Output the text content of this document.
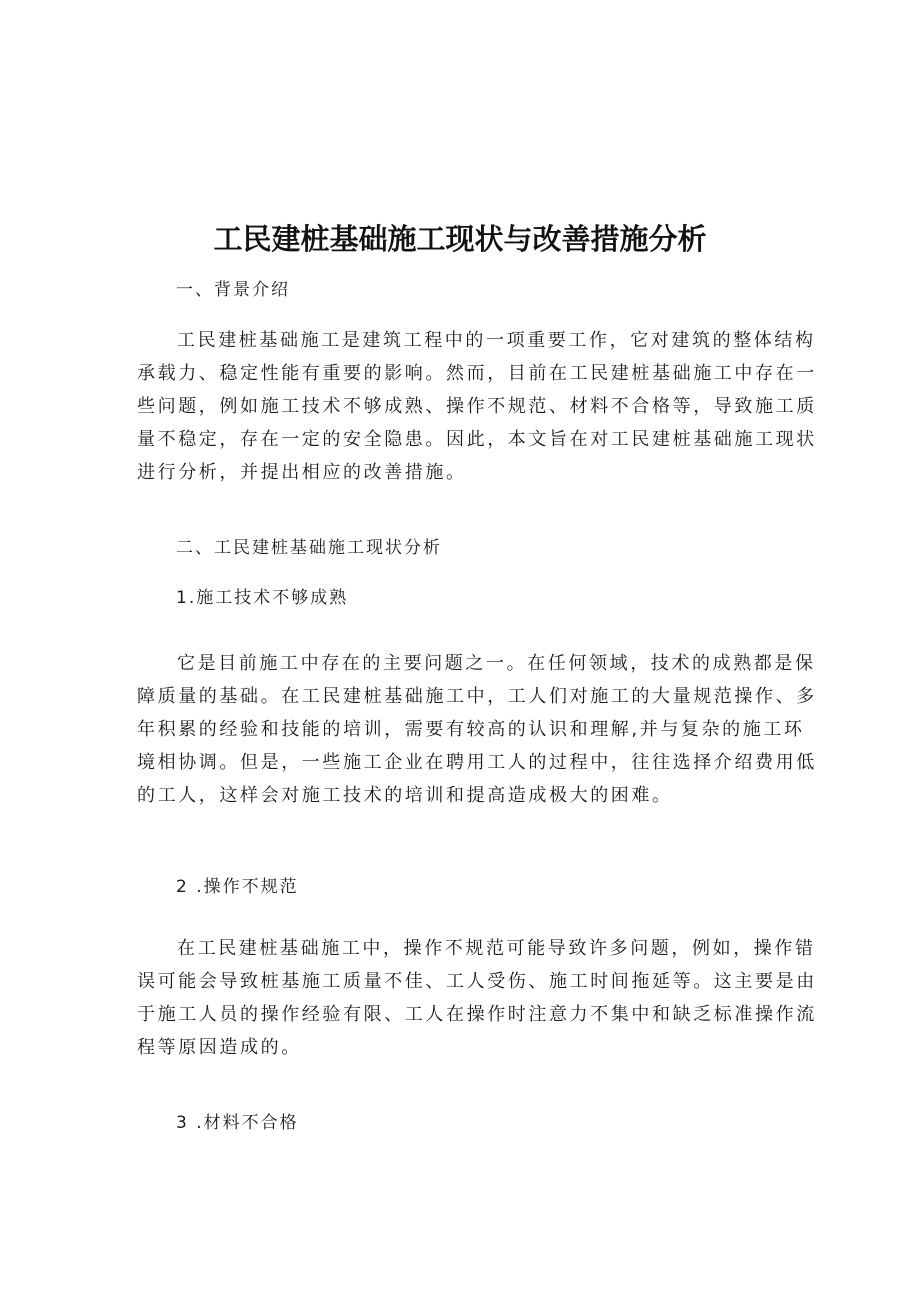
工民建桩基础施工现状与改善措施分析
一、背景介绍
工民建桩基础施工是建筑工程中的一项重要工作，它对建筑的整体结构
承载力、稳定性能有重要的影响。然而，目前在工民建桩基础施工中存在一
些问题，例如施工技术不够成熟、操作不规范、材料不合格等，导致施工质
量不稳定，存在一定的安全隐患。因此，本文旨在对工民建桩基础施工现状
进行分析，并提出相应的改善措施。
二、工民建桩基础施工现状分析
1.施工技术不够成熟
它是目前施工中存在的主要问题之一。在任何领域，技术的成熟都是保
障质量的基础。在工民建桩基础施工中，工人们对施工的大量规范操作、多
年积累的经验和技能的培训，需要有较高的认识和理解,并与复杂的施工环
境相协调。但是，一些施工企业在聘用工人的过程中，往往选择介绍费用低
的工人，这样会对施工技术的培训和提高造成极大的困难。
2 .操作不规范
在工民建桩基础施工中，操作不规范可能导致许多问题，例如，操作错
误可能会导致桩基施工质量不佳、工人受伤、施工时间拖延等。这主要是由
于施工人员的操作经验有限、工人在操作时注意力不集中和缺乏标准操作流
程等原因造成的。
3 .材料不合格
